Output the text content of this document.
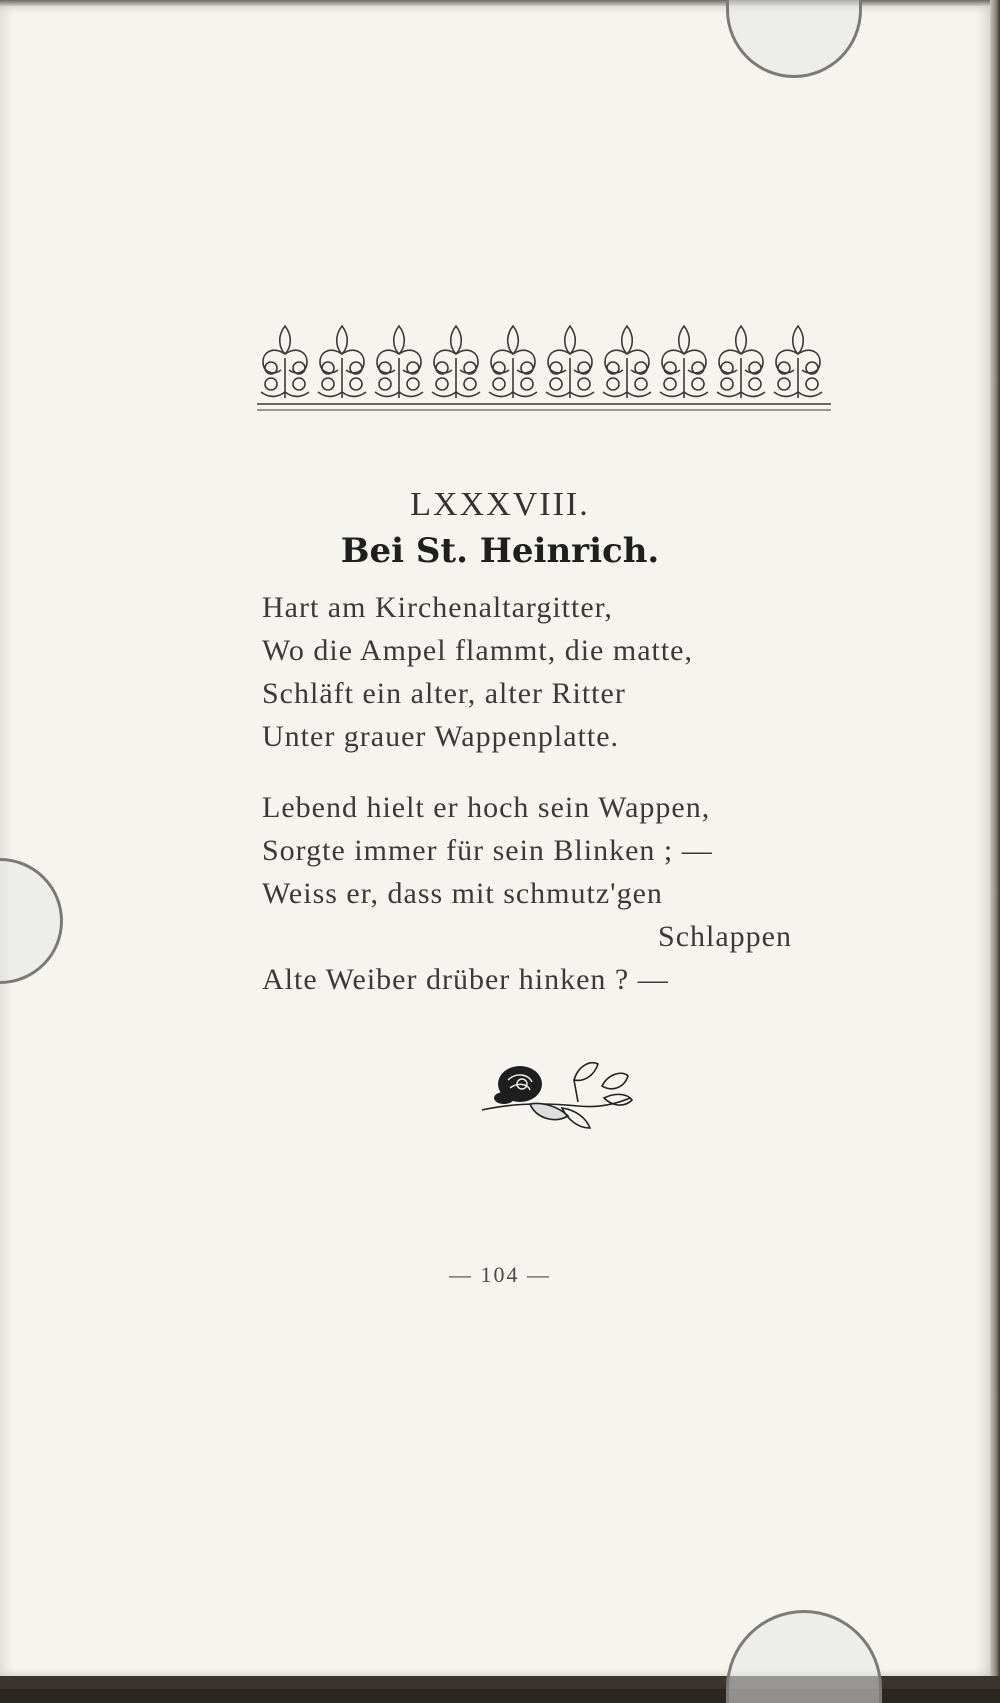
LXXXVIII.
Bei St. Heinrich.
Hart am Kirchenaltargitter,
Wo die Ampel flammt, die matte,
Schläft ein alter, alter Ritter
Unter grauer Wappenplatte.
Lebend hielt er hoch sein Wappen,
Sorgte immer für sein Blinken ; —
Weiss er, dass mit schmutz'gen
Schlappen
Alte Weiber drüber hinken ? —
— 104 —
